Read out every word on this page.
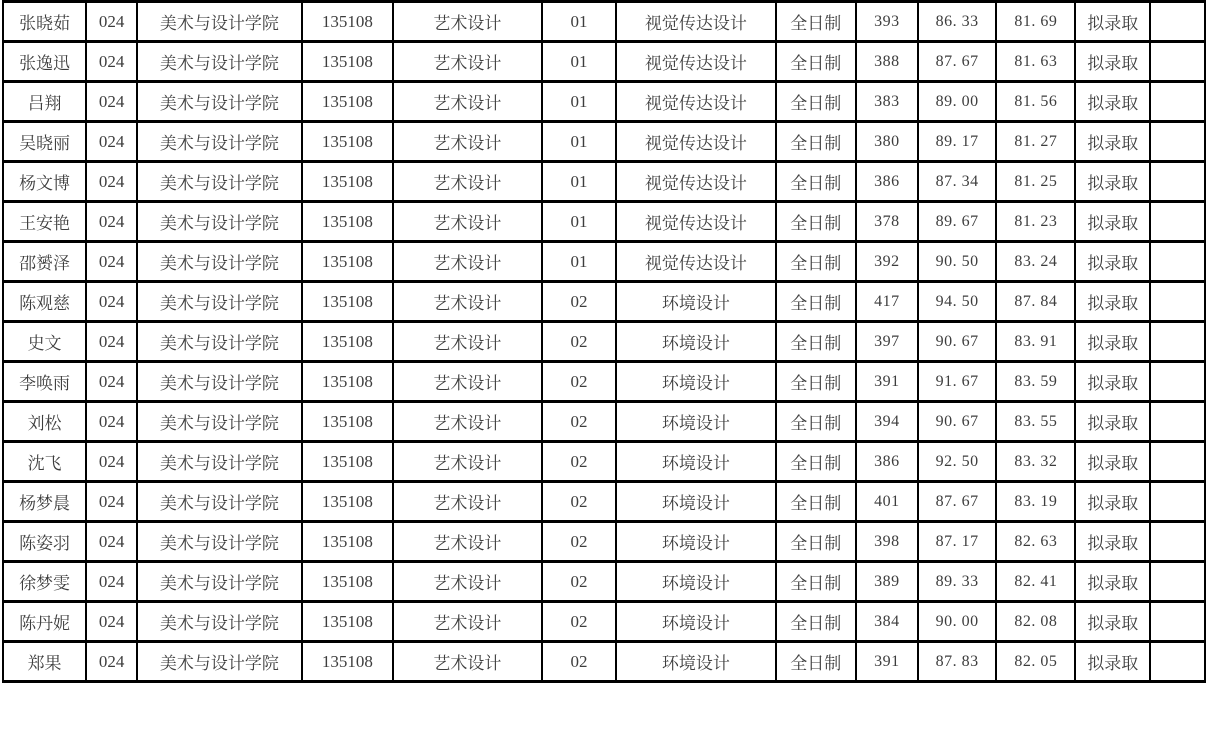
张晓茹	024	美术与设计学院	135108	艺术设计	01	视觉传达设计	全日制	393	86. 33	81. 69	拟录取	
张逸迅	024	美术与设计学院	135108	艺术设计	01	视觉传达设计	全日制	388	87. 67	81. 63	拟录取	
吕翔	024	美术与设计学院	135108	艺术设计	01	视觉传达设计	全日制	383	89. 00	81. 56	拟录取	
吴晓丽	024	美术与设计学院	135108	艺术设计	01	视觉传达设计	全日制	380	89. 17	81. 27	拟录取	
杨文博	024	美术与设计学院	135108	艺术设计	01	视觉传达设计	全日制	386	87. 34	81. 25	拟录取	
王安艳	024	美术与设计学院	135108	艺术设计	01	视觉传达设计	全日制	378	89. 67	81. 23	拟录取	
邵赟泽	024	美术与设计学院	135108	艺术设计	01	视觉传达设计	全日制	392	90. 50	83. 24	拟录取	
陈观慈	024	美术与设计学院	135108	艺术设计	02	环境设计	全日制	417	94. 50	87. 84	拟录取	
史文	024	美术与设计学院	135108	艺术设计	02	环境设计	全日制	397	90. 67	83. 91	拟录取	
李唤雨	024	美术与设计学院	135108	艺术设计	02	环境设计	全日制	391	91. 67	83. 59	拟录取	
刘松	024	美术与设计学院	135108	艺术设计	02	环境设计	全日制	394	90. 67	83. 55	拟录取	
沈飞	024	美术与设计学院	135108	艺术设计	02	环境设计	全日制	386	92. 50	83. 32	拟录取	
杨梦晨	024	美术与设计学院	135108	艺术设计	02	环境设计	全日制	401	87. 67	83. 19	拟录取	
陈姿羽	024	美术与设计学院	135108	艺术设计	02	环境设计	全日制	398	87. 17	82. 63	拟录取	
徐梦雯	024	美术与设计学院	135108	艺术设计	02	环境设计	全日制	389	89. 33	82. 41	拟录取	
陈丹妮	024	美术与设计学院	135108	艺术设计	02	环境设计	全日制	384	90. 00	82. 08	拟录取	
郑果	024	美术与设计学院	135108	艺术设计	02	环境设计	全日制	391	87. 83	82. 05	拟录取	
